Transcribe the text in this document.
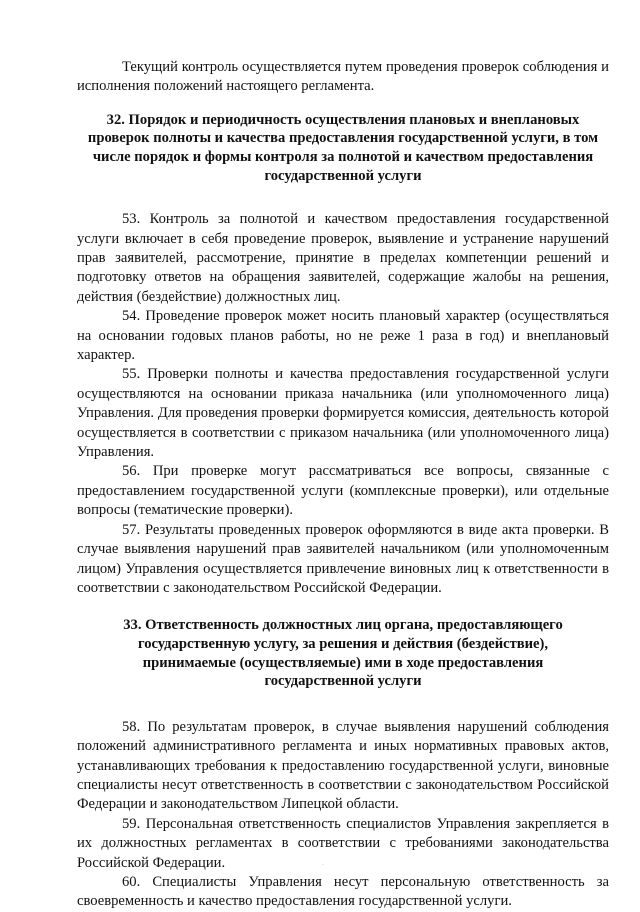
Текущий контроль осуществляется путем проведения проверок соблюдения и исполнения положений настоящего регламента.

32. Порядок и периодичность осуществления плановых и внеплановых проверок полноты и качества предоставления государственной услуги, в том числе порядок и формы контроля за полнотой и качеством предоставления государственной услуги

53. Контроль за полнотой и качеством предоставления государственной услуги включает в себя проведение проверок, выявление и устранение нарушений прав заявителей, рассмотрение, принятие в пределах компетенции решений и подготовку ответов на обращения заявителей, содержащие жалобы на решения, действия (бездействие) должностных лиц.

54. Проведение проверок может носить плановый характер (осуществляться на основании годовых планов работы, но не реже 1 раза в год) и внеплановый характер.

55. Проверки полноты и качества предоставления государственной услуги осуществляются на основании приказа начальника (или уполномоченного лица) Управления. Для проведения проверки формируется комиссия, деятельность которой осуществляется в соответствии с приказом начальника (или уполномоченного лица) Управления.

56. При проверке могут рассматриваться все вопросы, связанные с предоставлением государственной услуги (комплексные проверки), или отдельные вопросы (тематические проверки).

57. Результаты проведенных проверок оформляются в виде акта проверки. В случае выявления нарушений прав заявителей начальником (или уполномоченным лицом) Управления осуществляется привлечение виновных лиц к ответственности в соответствии с законодательством Российской Федерации.

33. Ответственность должностных лиц органа, предоставляющего государственную услугу, за решения и действия (бездействие), принимаемые (осуществляемые) ими в ходе предоставления государственной услуги

58. По результатам проверок, в случае выявления нарушений соблюдения положений административного регламента и иных нормативных правовых актов, устанавливающих требования к предоставлению государственной услуги, виновные специалисты несут ответственность в соответствии с законодательством Российской Федерации и законодательством Липецкой области.

59. Персональная ответственность специалистов Управления закрепляется в их должностных регламентах в соответствии с требованиями законодательства Российской Федерации.

60. Специалисты Управления несут персональную ответственность за своевременность и качество предоставления государственной услуги.

·
